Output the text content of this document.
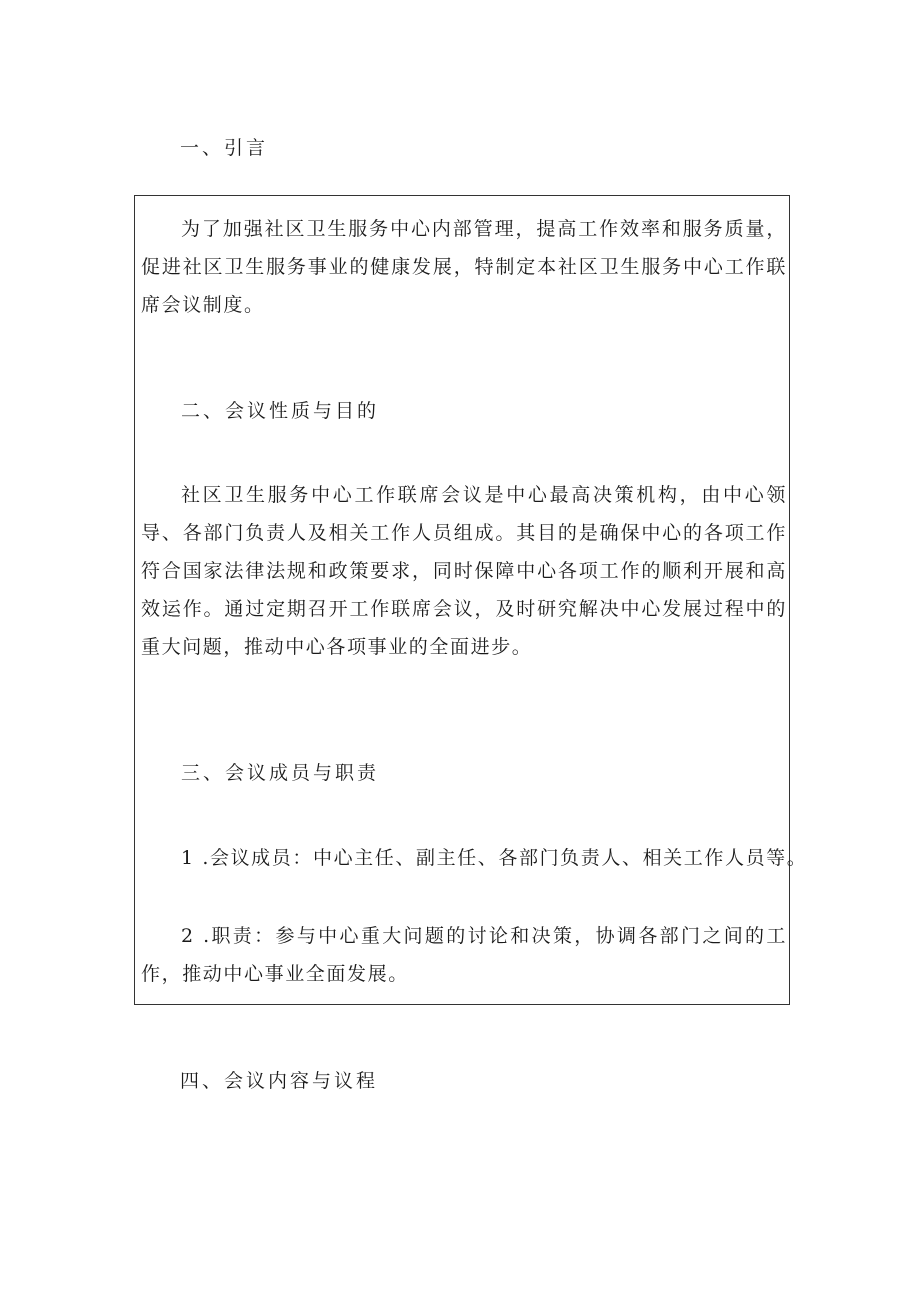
一、引言
为了加强社区卫生服务中心内部管理，提高工作效率和服务质量，促进社区卫生服务事业的健康发展，特制定本社区卫生服务中心工作联席会议制度。
二、会议性质与目的
社区卫生服务中心工作联席会议是中心最高决策机构，由中心领导、各部门负责人及相关工作人员组成。其目的是确保中心的各项工作符合国家法律法规和政策要求，同时保障中心各项工作的顺利开展和高效运作。通过定期召开工作联席会议，及时研究解决中心发展过程中的重大问题，推动中心各项事业的全面进步。
三、会议成员与职责
1 .会议成员：中心主任、副主任、各部门负责人、相关工作人员等。
2 .职责：参与中心重大问题的讨论和决策，协调各部门之间的工作，推动中心事业全面发展。
四、会议内容与议程
